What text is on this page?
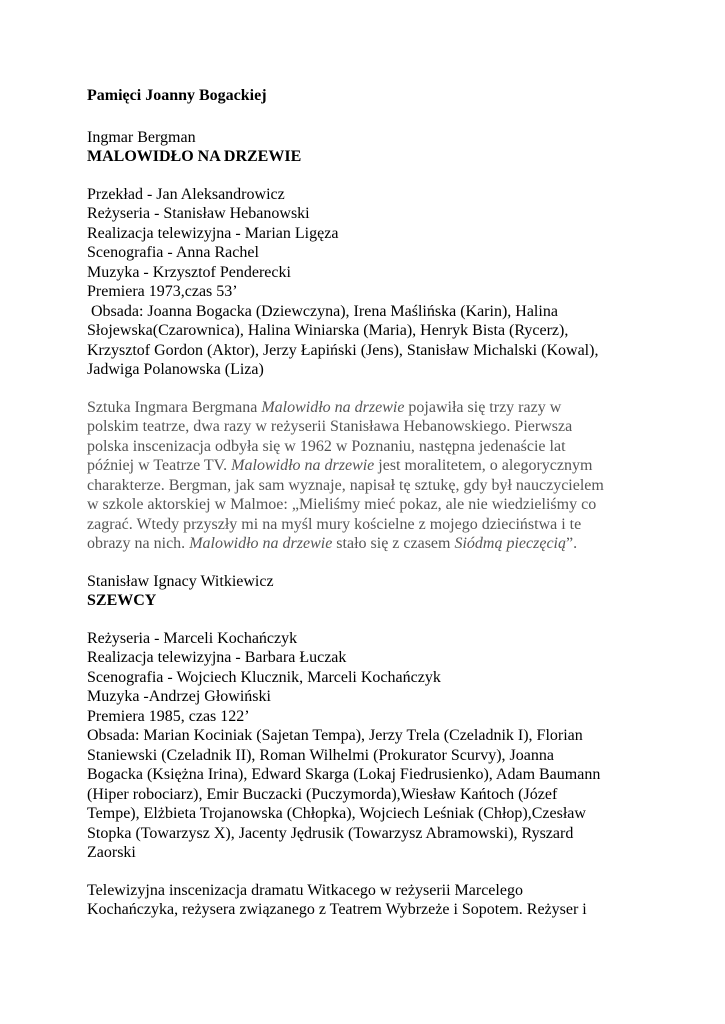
Pamięci Joanny Bogackiej

Ingmar Bergman

MALOWIDŁO NA DRZEWIE

Przekład - Jan Aleksandrowicz
Reżyseria - Stanisław Hebanowski
Realizacja telewizyjna - Marian Ligęza
Scenografia - Anna Rachel
Muzyka - Krzysztof Penderecki
Premiera 1973,czas 53’
Obsada: Joanna Bogacka (Dziewczyna), Irena Maślińska (Karin), Halina
Słojewska(Czarownica), Halina Winiarska (Maria), Henryk Bista (Rycerz),
Krzysztof Gordon (Aktor), Jerzy Łapiński (Jens), Stanisław Michalski (Kowal),
Jadwiga Polanowska (Liza)
Sztuka Ingmara Bergmana Malowidło na drzewie pojawiła się trzy razy w
polskim teatrze, dwa razy w reżyserii Stanisława Hebanowskiego. Pierwsza
polska inscenizacja odbyła się w 1962 w Poznaniu, następna jedenaście lat
później w Teatrze TV. Malowidło na drzewie jest moralitetem, o alegorycznym
charakterze. Bergman, jak sam wyznaje, napisał tę sztukę, gdy był nauczycielem
w szkole aktorskiej w Malmoe: „Mieliśmy mieć pokaz, ale nie wiedzieliśmy co
zagrać. Wtedy przyszły mi na myśl mury kościelne z mojego dzieciństwa i te
obrazy na nich. Malowidło na drzewie stało się z czasem Siódmą pieczęcią”.

Stanisław Ignacy Witkiewicz

SZEWCY

Reżyseria - Marceli Kochańczyk
Realizacja telewizyjna - Barbara Łuczak
Scenografia - Wojciech Klucznik, Marceli Kochańczyk
Muzyka -Andrzej Głowiński
Premiera 1985, czas 122’
Obsada: Marian Kociniak (Sajetan Tempa), Jerzy Trela (Czeladnik I), Florian
Staniewski (Czeladnik II), Roman Wilhelmi (Prokurator Scurvy), Joanna
Bogacka (Księżna Irina), Edward Skarga (Lokaj Fiedrusienko), Adam Baumann
(Hiper robociarz), Emir Buczacki (Puczymorda),Wiesław Kańtoch (Józef
Tempe), Elżbieta Trojanowska (Chłopka), Wojciech Leśniak (Chłop),Czesław
Stopka (Towarzysz X), Jacenty Jędrusik (Towarzysz Abramowski), Ryszard
Zaorski
Telewizyjna inscenizacja dramatu Witkacego w reżyserii Marcelego
Kochańczyka, reżysera związanego z Teatrem Wybrzeże i Sopotem. Reżyser i
